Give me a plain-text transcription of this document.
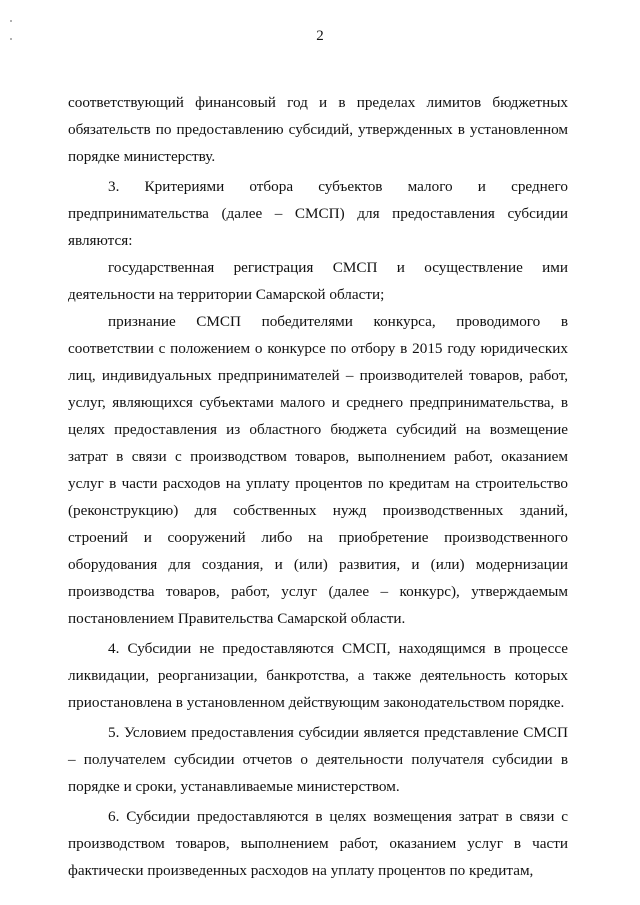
2

соответствующий финансовый год и в пределах лимитов бюджетных обязательств по предоставлению субсидий, утвержденных в установленном порядке министерству.

3. Критериями отбора субъектов малого и среднего предпринимательства (далее – СМСП) для предоставления субсидии являются:

государственная регистрация СМСП и осуществление ими деятельности на территории Самарской области;

признание СМСП победителями конкурса, проводимого в соответствии с положением о конкурсе по отбору в 2015 году юридических лиц, индивидуальных предпринимателей – производителей товаров, работ, услуг, являющихся субъектами малого и среднего предпринимательства, в целях предоставления из областного бюджета субсидий на возмещение затрат в связи с производством товаров, выполнением работ, оказанием услуг в части расходов на уплату процентов по кредитам на строительство (реконструкцию) для собственных нужд производственных зданий, строений и сооружений либо на приобретение производственного оборудования для создания, и (или) развития, и (или) модернизации производства товаров, работ, услуг (далее – конкурс), утверждаемым постановлением Правительства Самарской области.

4. Субсидии не предоставляются СМСП, находящимся в процессе ликвидации, реорганизации, банкротства, а также деятельность которых приостановлена в установленном действующим законодательством порядке.

5. Условием предоставления субсидии является представление СМСП – получателем субсидии отчетов о деятельности получателя субсидии в порядке и сроки, устанавливаемые министерством.

6. Субсидии предоставляются в целях возмещения затрат в связи с производством товаров, выполнением работ, оказанием услуг в части фактически произведенных расходов на уплату процентов по кредитам,
